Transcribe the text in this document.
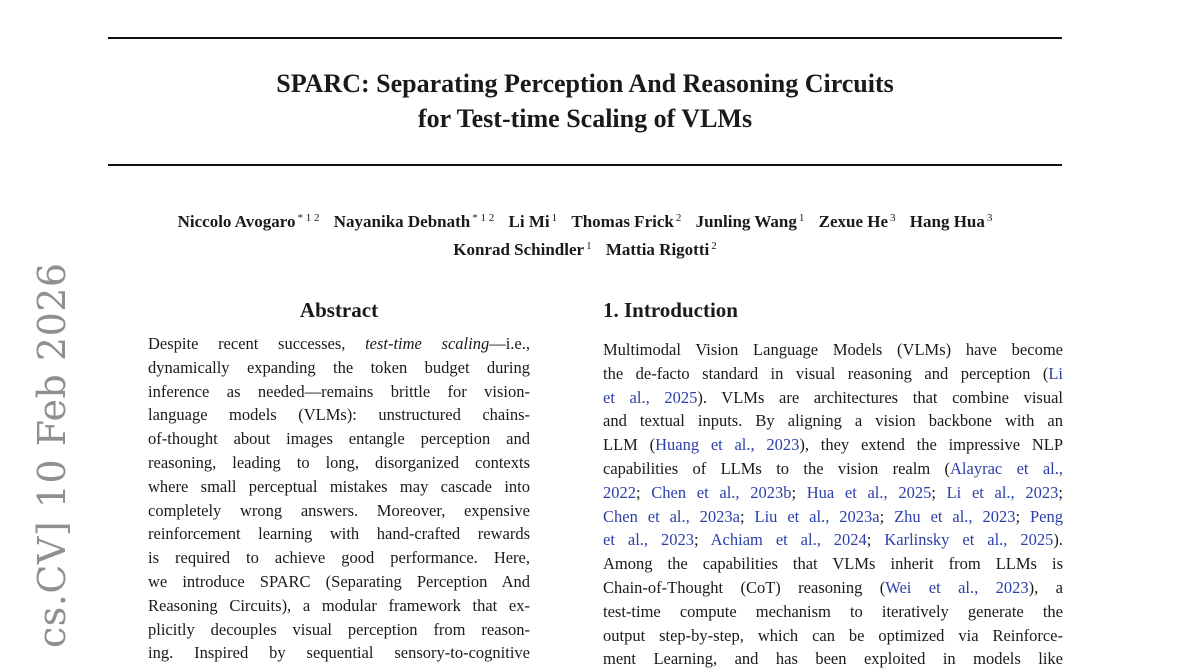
SPARC: Separating Perception And Reasoning Circuits
for Test-time Scaling of VLMs
Niccolo Avogaro $^{* 1 2}$ Nayanika Debnath $^{* 1 2}$ Li Mi $^1$ Thomas Frick $^2$ Junling Wang $^1$ Zexue He $^3$ Hang Hua $^3$
Konrad Schindler $^1$ Mattia Rigotti $^2$
cs.CV] 10 Feb 2026	Abstract
Despite recent successes, test-time scaling—i.e.,
dynamically expanding the token budget during
inference as needed—remains brittle for vision-
language models (VLMs): unstructured chains-
of-thought about images entangle perception and
reasoning, leading to long, disorganized contexts
where small perceptual mistakes may cascade into
completely wrong answers. Moreover, expensive
reinforcement learning with hand-crafted rewards
is required to achieve good performance. Here,
we introduce SPARC (Separating Perception And
Reasoning Circuits), a modular framework that ex-
plicitly decouples visual perception from reason-
ing. Inspired by sequential sensory-to-cognitive
1. Introduction
Multimodal Vision Language Models (VLMs) have become
the de-facto standard in visual reasoning and perception (Li
et al., 2025). VLMs are architectures that combine visual
and textual inputs. By aligning a vision backbone with an
LLM (Huang et al., 2023), they extend the impressive NLP
capabilities of LLMs to the vision realm (Alayrac et al.,
2022; Chen et al., 2023b; Hua et al., 2025; Li et al., 2023;
Chen et al., 2023a; Liu et al., 2023a; Zhu et al., 2023; Peng
et al., 2023; Achiam et al., 2024; Karlinsky et al., 2025).
Among the capabilities that VLMs inherit from LLMs is
Chain-of-Thought (CoT) reasoning (Wei et al., 2023), a
test-time compute mechanism to iteratively generate the
output step-by-step, which can be optimized via Reinforce-
ment Learning, and has been exploited in models like
